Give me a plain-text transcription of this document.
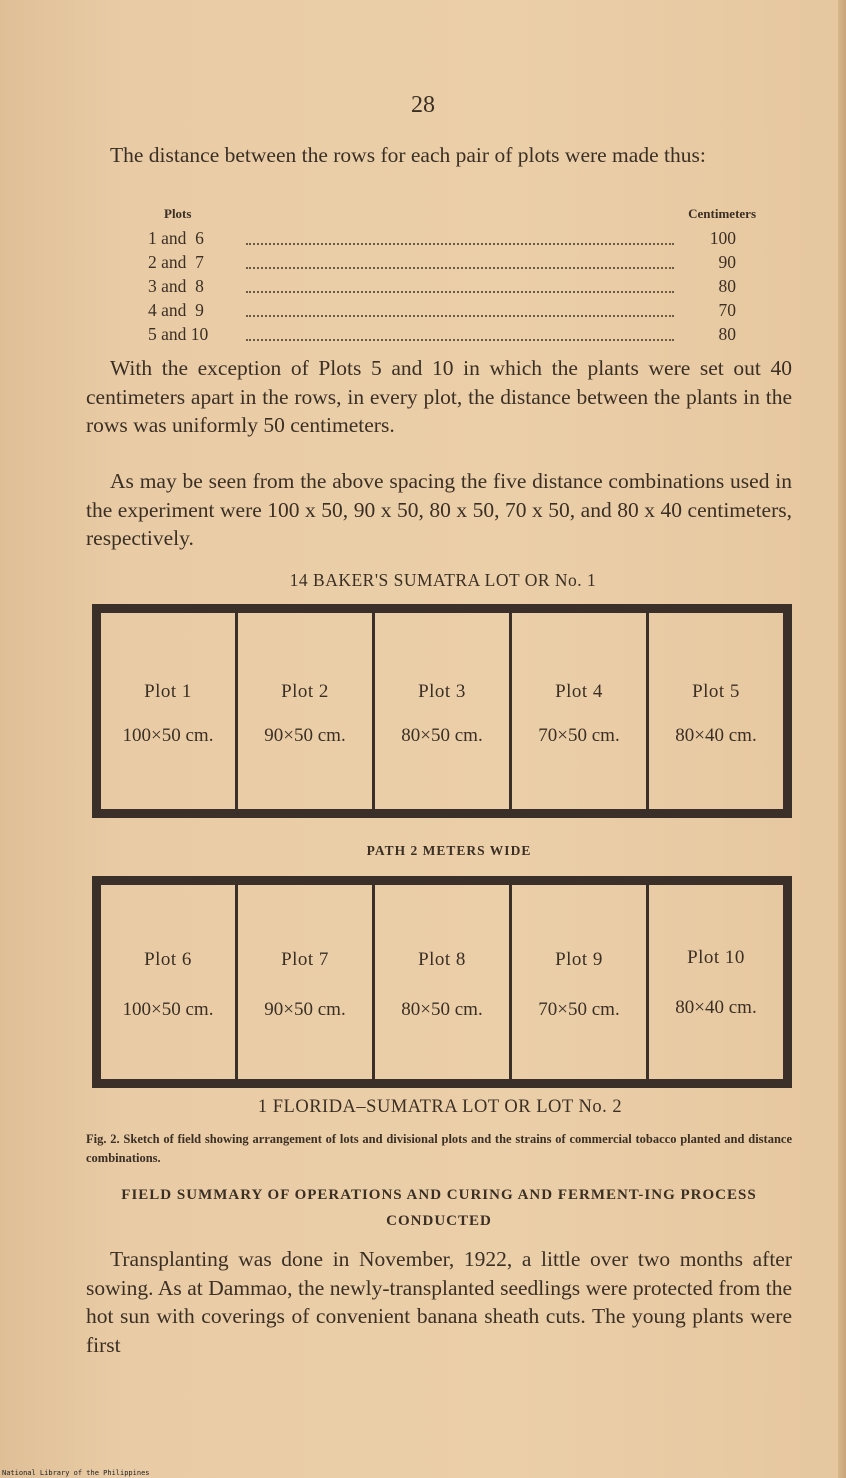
28

The distance between the rows for each pair of plots were made thus:

Plots	Centimeters
1 and  6	100
2 and  7	90
3 and  8	80
4 and  9	70
5 and 10	80

With the exception of Plots 5 and 10 in which the plants were set out 40 centimeters apart in the rows, in every plot, the distance between the plants in the rows was uniformly 50 centimeters.

As may be seen from the above spacing the five distance combinations used in the experiment were 100 x 50, 90 x 50, 80 x 50, 70 x 50, and 80 x 40 centimeters, respectively.

14 BAKER'S SUMATRA LOT OR No. 1
Plot 1
100×50 cm.
Plot 2
90×50 cm.
Plot 3
80×50 cm.
Plot 4
70×50 cm.
Plot 5
80×40 cm.
PATH 2 METERS WIDE
Plot 6
100×50 cm.
Plot 7
90×50 cm.
Plot 8
80×50 cm.
Plot 9
70×50 cm.
Plot 10
80×40 cm.
1 FLORIDA–SUMATRA LOT OR LOT No. 2
Fig. 2. Sketch of field showing arrangement of lots and divisional plots and the strains of commercial tobacco planted and distance combinations.
FIELD SUMMARY OF OPERATIONS AND CURING AND FERMENT-ING PROCESS CONDUCTED

Transplanting was done in November, 1922, a little over two months after sowing. As at Dammao, the newly-transplanted seedlings were protected from the hot sun with coverings of convenient banana sheath cuts. The young plants were first

National Library of the Philippines
